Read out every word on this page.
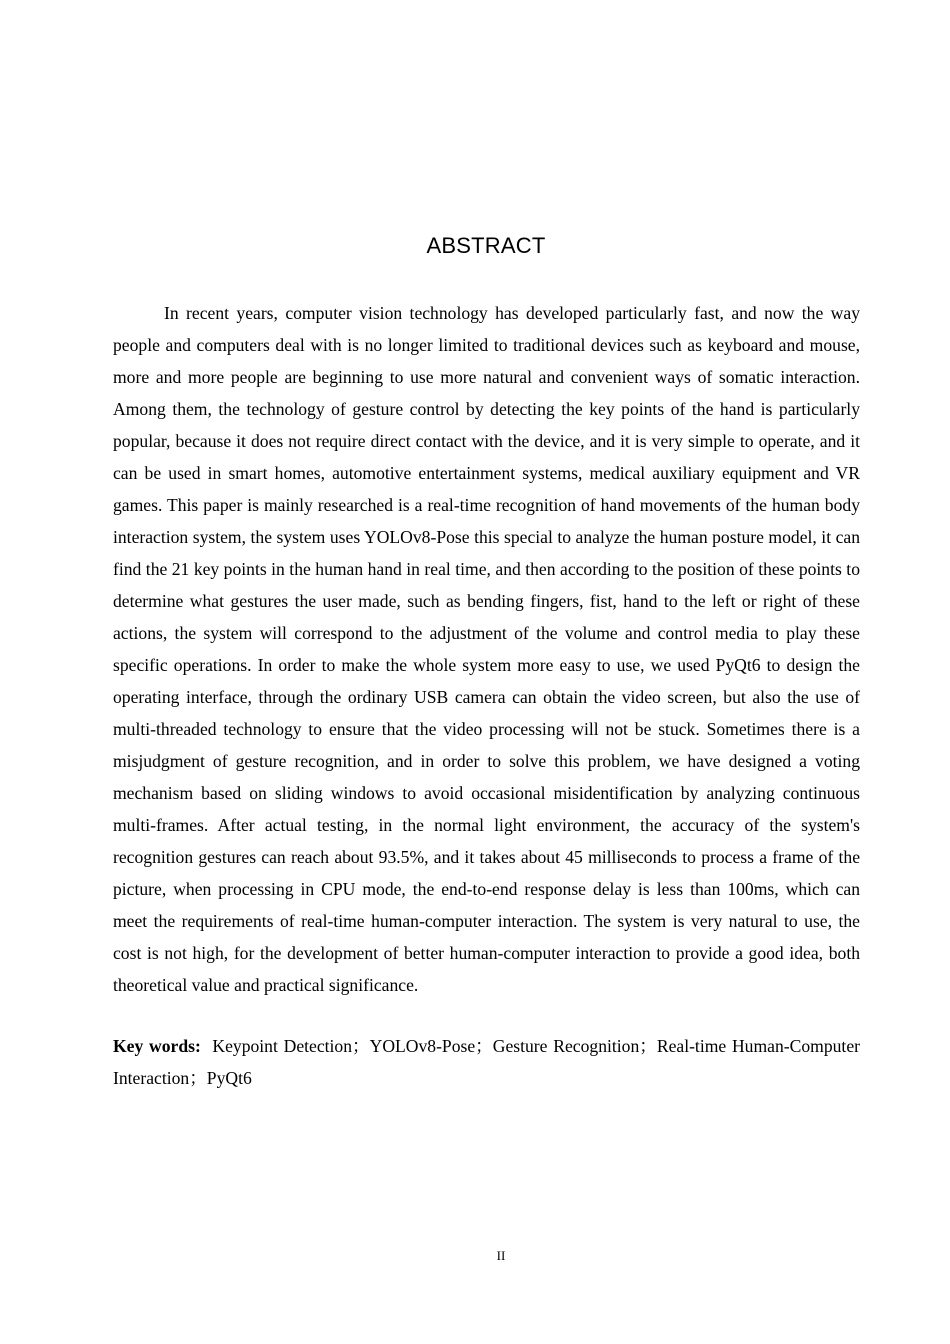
ABSTRACT

In recent years, computer vision technology has developed particularly fast, and now the way people and computers deal with is no longer limited to traditional devices such as keyboard and mouse, more and more people are beginning to use more natural and convenient ways of somatic interaction. Among them, the technology of gesture control by detecting the key points of the hand is particularly popular, because it does not require direct contact with the device, and it is very simple to operate, and it can be used in smart homes, automotive entertainment systems, medical auxiliary equipment and VR games. This paper is mainly researched is a real-time recognition of hand movements of the human body interaction system, the system uses YOLOv8-Pose this special to analyze the human posture model, it can find the 21 key points in the human hand in real time, and then according to the position of these points to determine what gestures the user made, such as bending fingers, fist, hand to the left or right of these actions, the system will correspond to the adjustment of the volume and control media to play these specific operations. In order to make the whole system more easy to use, we used PyQt6 to design the operating interface, through the ordinary USB camera can obtain the video screen, but also the use of multi-threaded technology to ensure that the video processing will not be stuck. Sometimes there is a misjudgment of gesture recognition, and in order to solve this problem, we have designed a voting mechanism based on sliding windows to avoid occasional misidentification by analyzing continuous multi-frames. After actual testing, in the normal light environment, the accuracy of the system's recognition gestures can reach about 93.5%, and it takes about 45 milliseconds to process a frame of the picture, when processing in CPU mode, the end-to-end response delay is less than 100ms, which can meet the requirements of real-time human-computer interaction. The system is very natural to use, the cost is not high, for the development of better human-computer interaction to provide a good idea, both theoretical value and practical significance.

Key words: Keypoint Detection；YOLOv8-Pose；Gesture Recognition；Real-time Human-Computer Interaction；PyQt6

II
